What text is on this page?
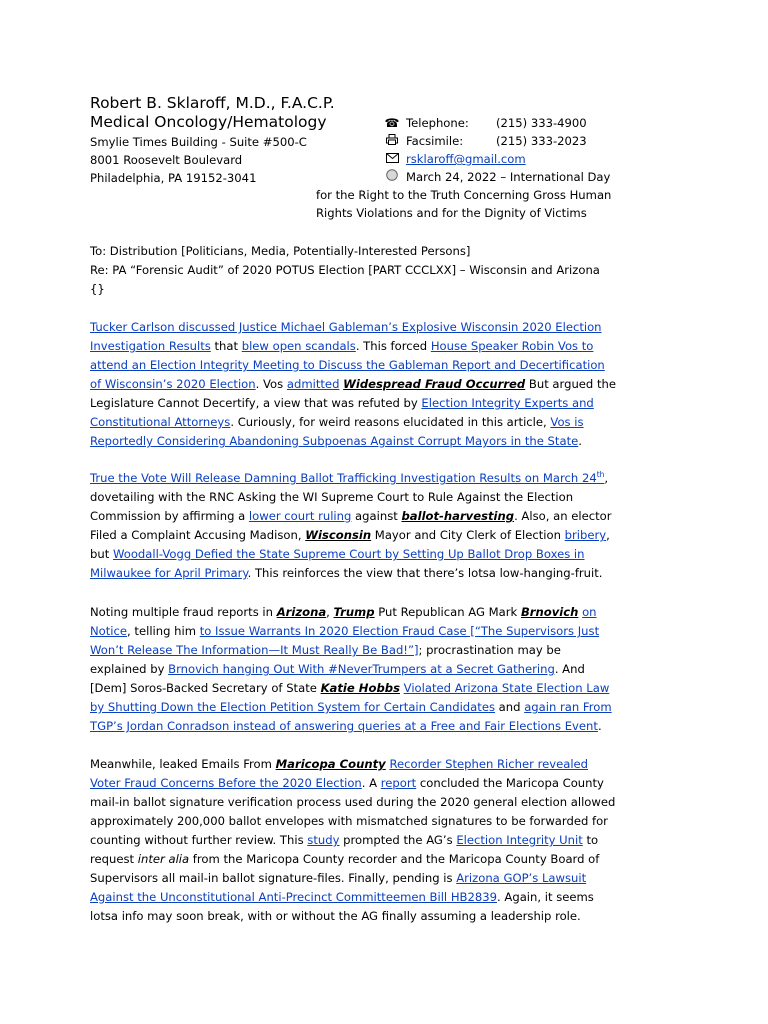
Robert B. Sklaroff, M.D., F.A.C.P.
Medical Oncology/Hematology
Smylie Times Building - Suite #500-C
8001 Roosevelt Boulevard
Philadelphia, PA 19152-3041
☎ Telephone: (215) 333-4900
Facsimile:	(215) 333-2023
rsklaroff@gmail.com
March 24, 2022 – International Day
for the Right to the Truth Concerning Gross Human
Rights Violations and for the Dignity of Victims
To: Distribution [Politicians, Media, Potentially-Interested Persons]
Re: PA “Forensic Audit” of 2020 POTUS Election [PART CCCLXX] – Wisconsin and Arizona
{}
Tucker Carlson discussed Justice Michael Gableman’s Explosive Wisconsin 2020 Election
Investigation Results that blew open scandals. This forced House Speaker Robin Vos to
attend an Election Integrity Meeting to Discuss the Gableman Report and Decertification
of Wisconsin’s 2020 Election. Vos admitted Widespread Fraud Occurred But argued the
Legislature Cannot Decertify, a view that was refuted by Election Integrity Experts and
Constitutional Attorneys. Curiously, for weird reasons elucidated in this article, Vos is
Reportedly Considering Abandoning Subpoenas Against Corrupt Mayors in the State.
True the Vote Will Release Damning Ballot Trafficking Investigation Results on March 24th,
dovetailing with the RNC Asking the WI Supreme Court to Rule Against the Election
Commission by affirming a lower court ruling against ballot-harvesting. Also, an elector
Filed a Complaint Accusing Madison, Wisconsin Mayor and City Clerk of Election bribery,
but Woodall-Vogg Defied the State Supreme Court by Setting Up Ballot Drop Boxes in
Milwaukee for April Primary. This reinforces the view that there’s lotsa low-hanging-fruit.
Noting multiple fraud reports in Arizona, Trump Put Republican AG Mark Brnovich on
Notice, telling him to Issue Warrants In 2020 Election Fraud Case [“The Supervisors Just
Won’t Release The Information—It Must Really Be Bad!”]; procrastination may be
explained by Brnovich hanging Out With #NeverTrumpers at a Secret Gathering. And
[Dem] Soros-Backed Secretary of State Katie Hobbs Violated Arizona State Election Law
by Shutting Down the Election Petition System for Certain Candidates and again ran From
TGP’s Jordan Conradson instead of answering queries at a Free and Fair Elections Event.
Meanwhile, leaked Emails From Maricopa County Recorder Stephen Richer revealed
Voter Fraud Concerns Before the 2020 Election. A report concluded the Maricopa County
mail-in ballot signature verification process used during the 2020 general election allowed
approximately 200,000 ballot envelopes with mismatched signatures to be forwarded for
counting without further review. This study prompted the AG’s Election Integrity Unit to
request inter alia from the Maricopa County recorder and the Maricopa County Board of
Supervisors all mail-in ballot signature-files. Finally, pending is Arizona GOP’s Lawsuit
Against the Unconstitutional Anti-Precinct Committeemen Bill HB2839. Again, it seems
lotsa info may soon break, with or without the AG finally assuming a leadership role.
